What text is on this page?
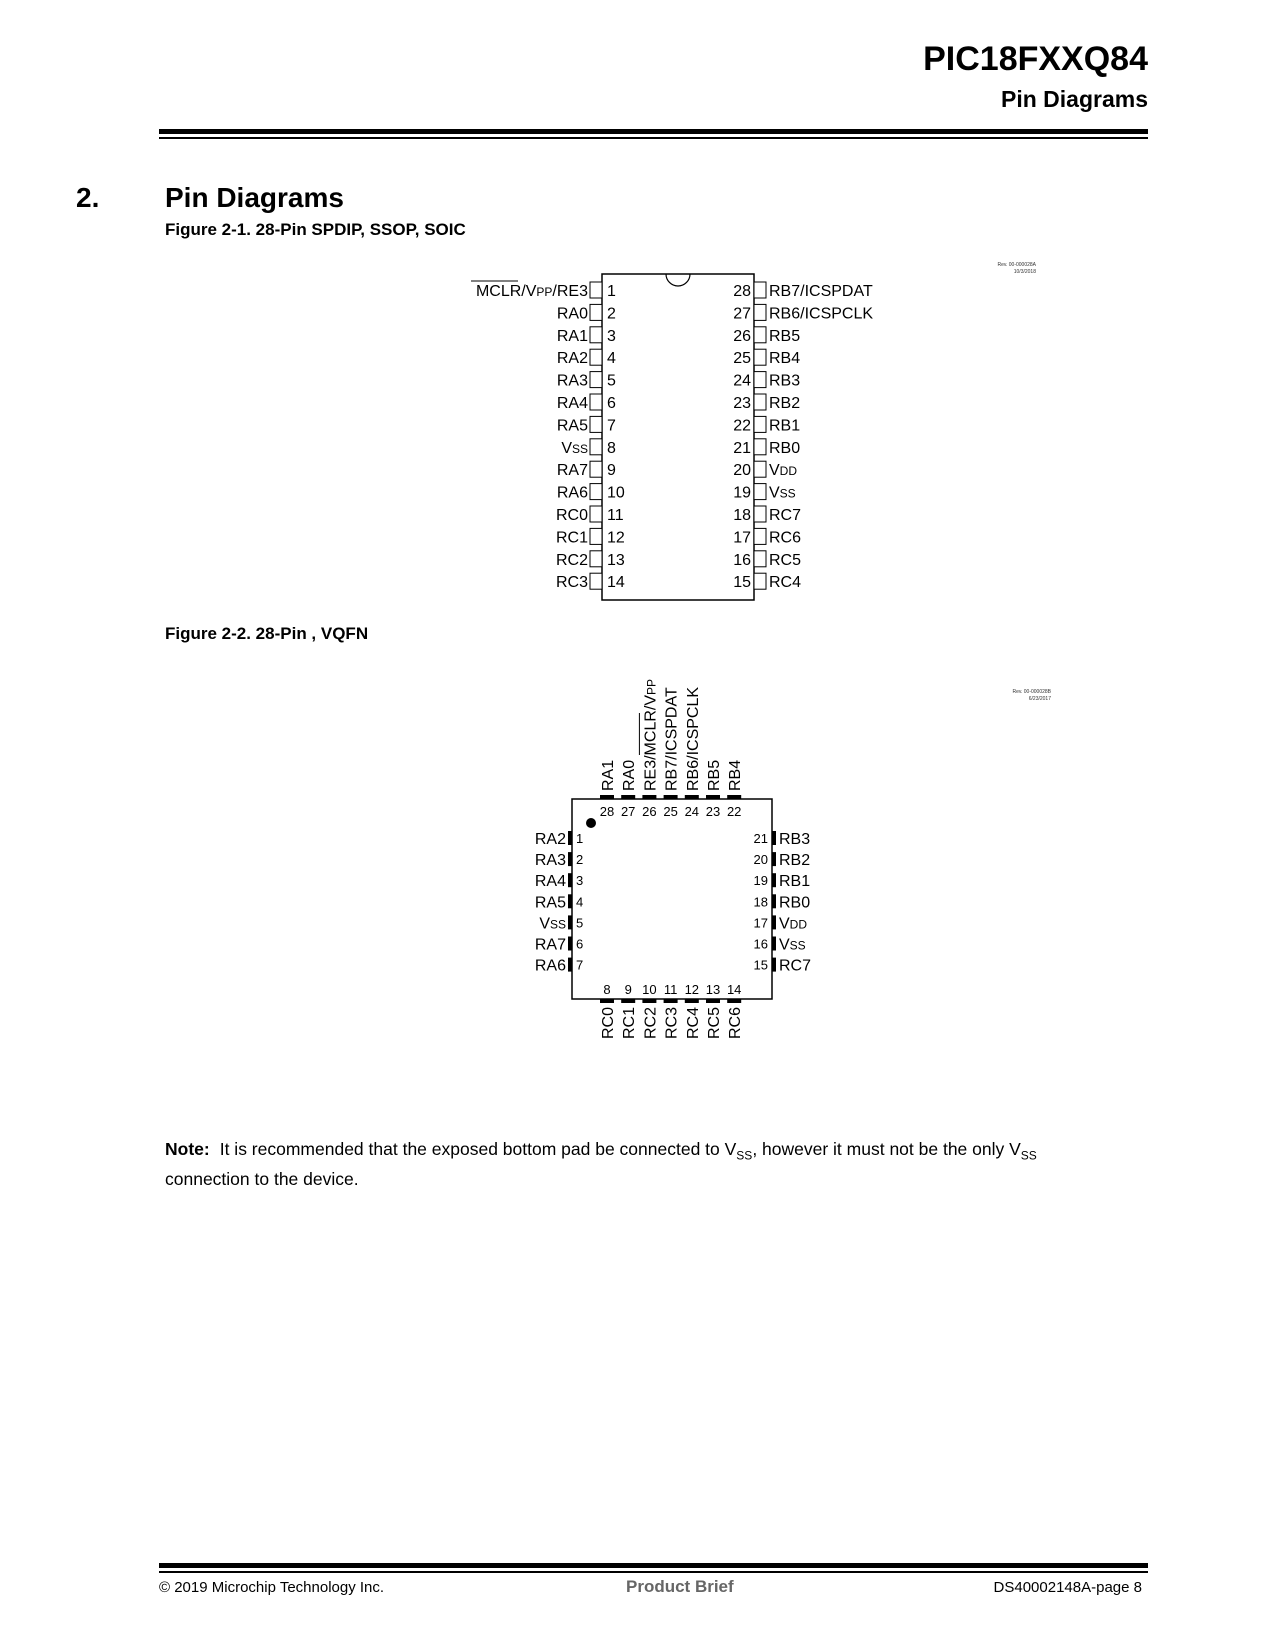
PIC18FXXQ84
Pin Diagrams
2. Pin Diagrams
Figure 2-1. 28-Pin SPDIP, SSOP, SOIC
Rev. 00-000028A
10/3/2018
Figure 2-2. 28-Pin , VQFN
Rev. 00-000028B
6/23/2017
1
MCLR/VPP/RE3
2
RA0
3
RA1
4
RA2
5
RA3
6
RA4
7
RA5
8
VSS
9
RA7
10
RA6
11
RC0
12
RC1
13
RC2
14
RC3
28 RB7/ICSPDAT
27 RB6/ICSPCLK
26 RB5
25 RB4
24 RB3
23 RB2
22 RB1
21 RB0
20 VDD
19 VSS
18 RC7
17 RC6
16 RC5
15 RC4
28
RA1
27
RA0
26
RE3/MCLR/VPP
25
RB7/ICSPDAT
24
RB6/ICSPCLK
23
RB5
22
RB4
8
RC0
9
RC1
10
RC2
11
RC3
12
RC4
13
RC5
14
RC6
1
RA2
2
RA3
3
RA4
4
RA5
5
VSS
6
RA7
7
RA6
21 RB3
20 RB2
19 RB1
18 RB0
17 VDD
16 VSS
15 RC7
Note: It is recommended that the exposed bottom pad be connected to $V_{SS}$, however it must not be the only $V_{SS}$ connection to the device.
© 2019 Microchip Technology Inc.	Product Brief	DS40002148A-page 8
